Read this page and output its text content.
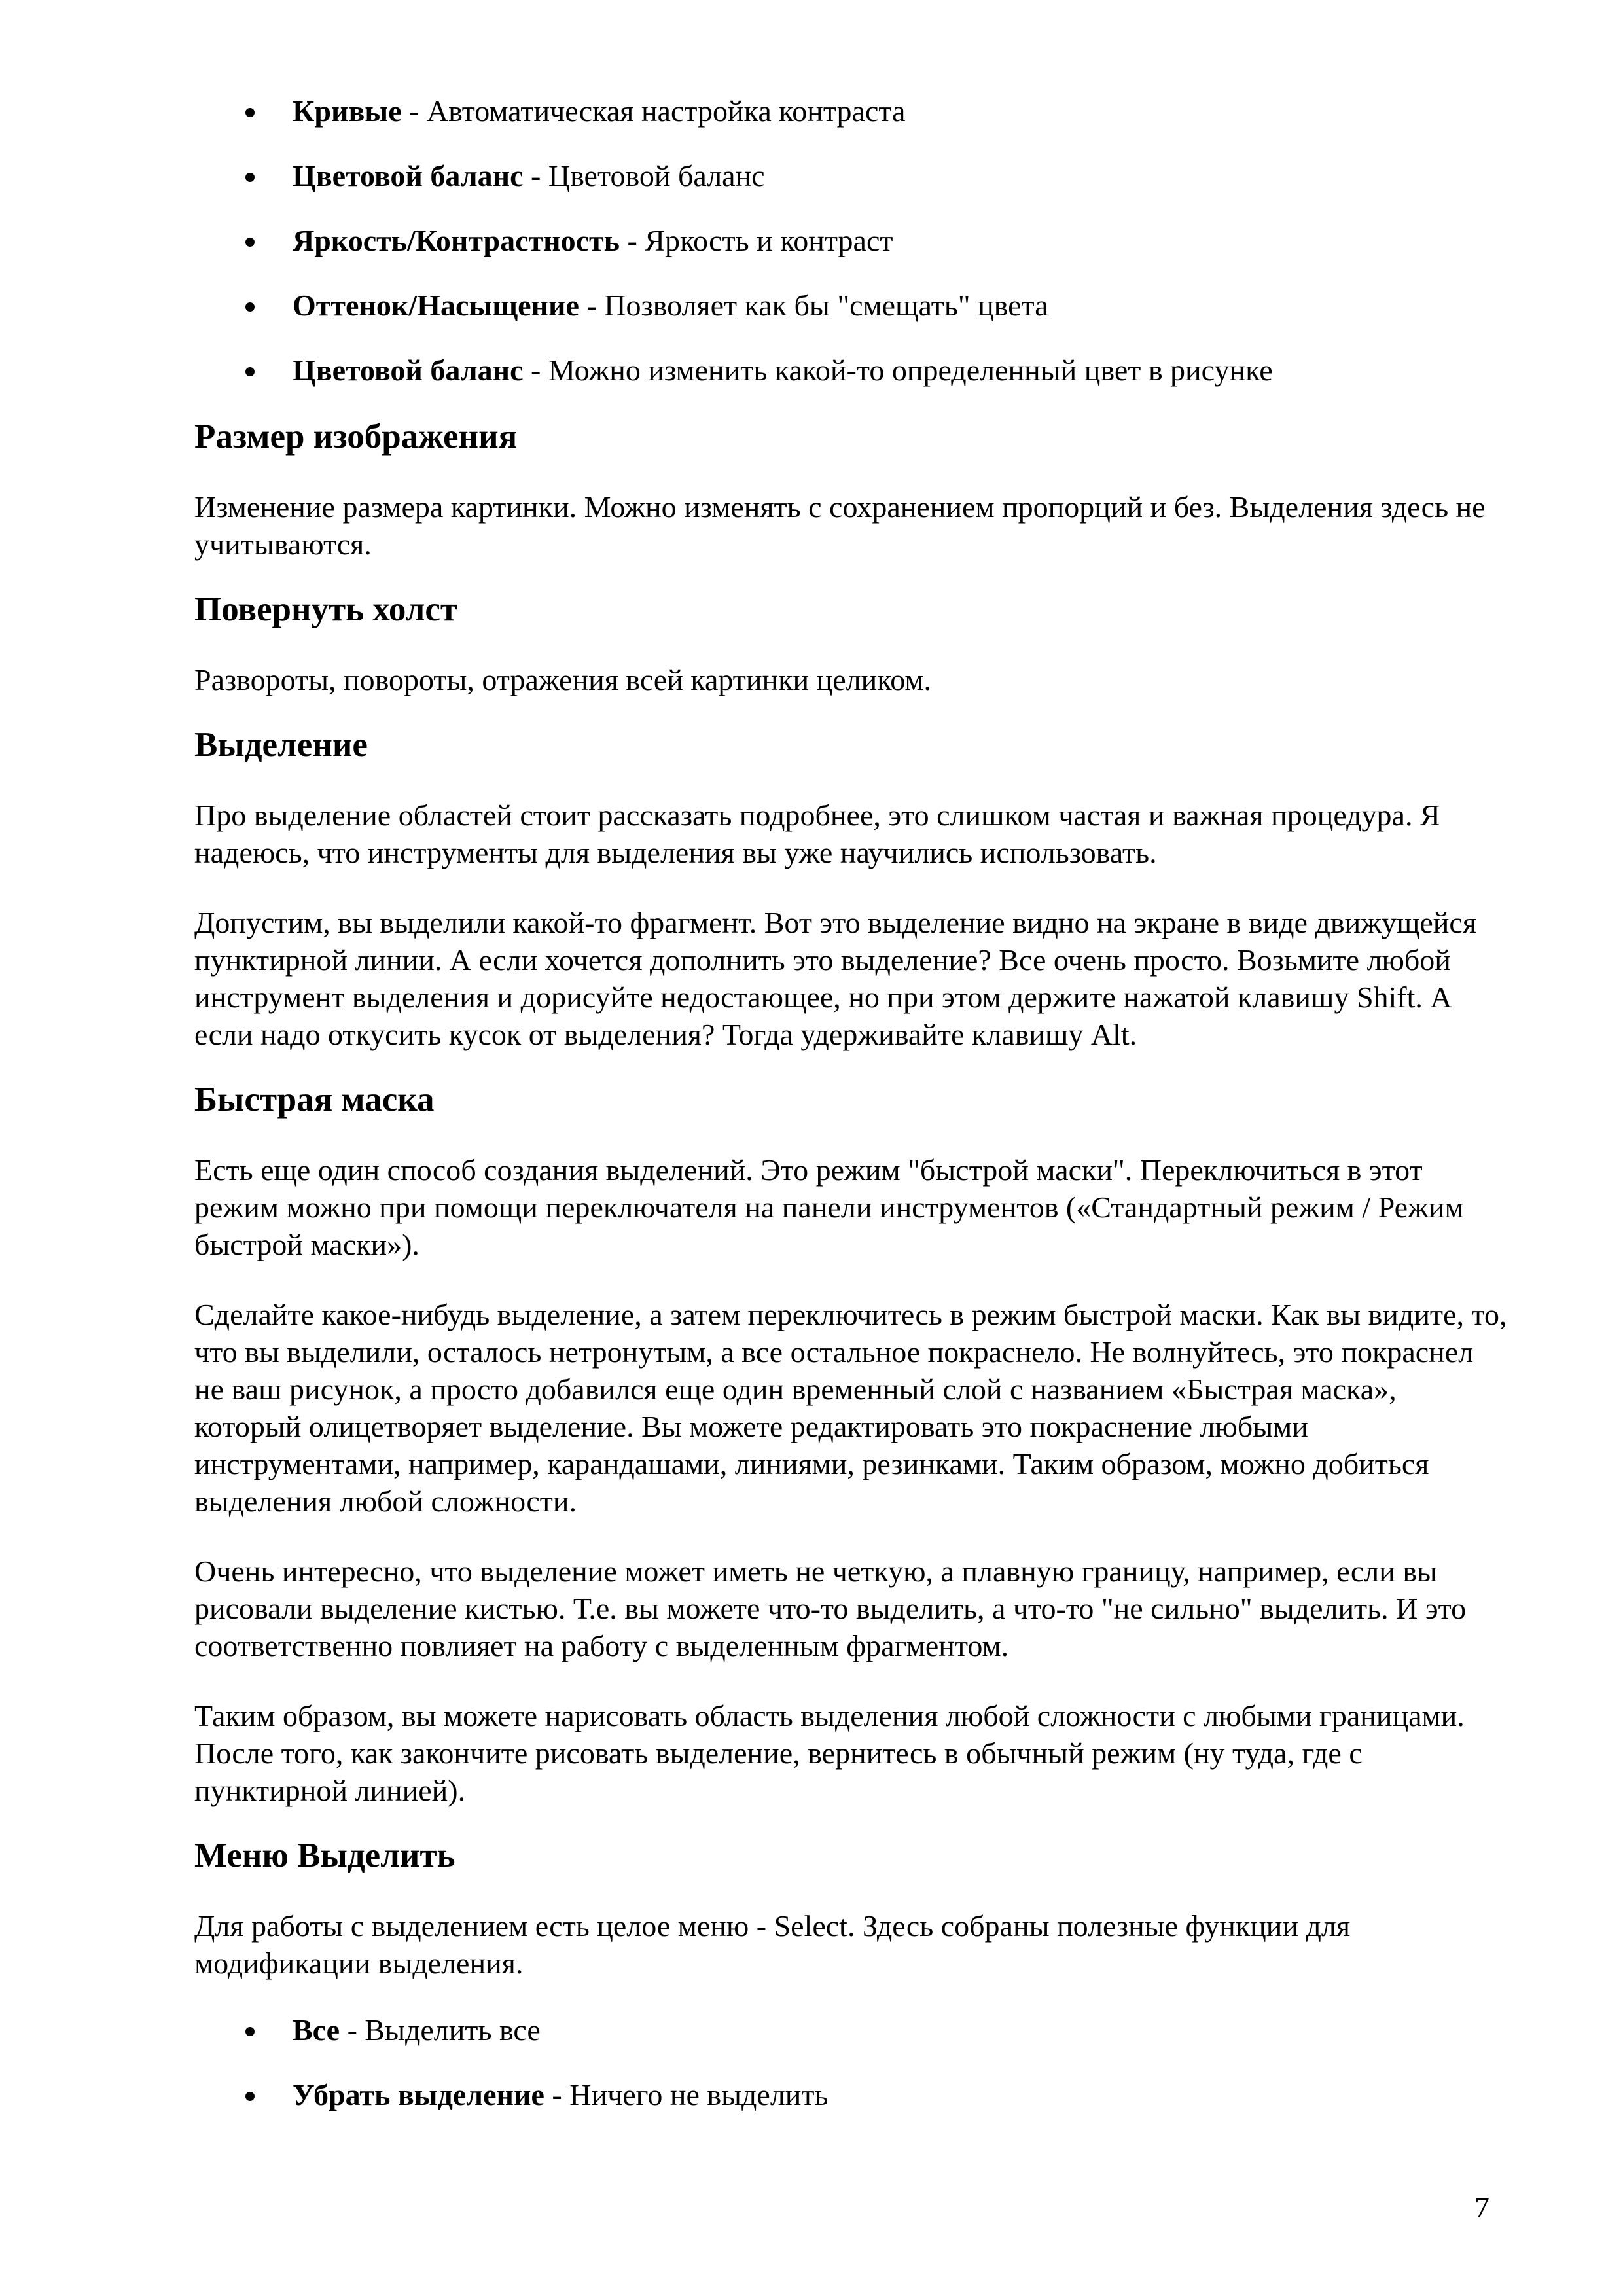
Кривые - Автоматическая настройка контраста
Цветовой баланс - Цветовой баланс
Яркость/Контрастность - Яркость и контраст
Оттенок/Насыщение - Позволяет как бы "смещать" цвета
Цветовой баланс - Можно изменить какой-то определенный цвет в рисунке
Размер изображения

Изменение размера картинки. Можно изменять с сохранением пропорций и без. Выделения здесь не учитываются.

Повернуть холст

Развороты, повороты, отражения всей картинки целиком.

Выделение

Про выделение областей стоит рассказать подробнее, это слишком частая и важная процедура. Я надеюсь, что инструменты для выделения вы уже научились использовать.

Допустим, вы выделили какой-то фрагмент. Вот это выделение видно на экране в виде движущейся пунктирной линии. А если хочется дополнить это выделение? Все очень просто. Возьмите любой инструмент выделения и дорисуйте недостающее, но при этом держите нажатой клавишу Shift. А если надо откусить кусок от выделения? Тогда удерживайте клавишу Alt.

Быстрая маска

Есть еще один способ создания выделений. Это режим "быстрой маски". Переключиться в этот режим можно при помощи переключателя на панели инструментов («Стандартный режим / Режим быстрой маски»).

Сделайте какое-нибудь выделение, а затем переключитесь в режим быстрой маски. Как вы видите, то, что вы выделили, осталось нетронутым, а все остальное покраснело. Не волнуйтесь, это покраснел не ваш рисунок, а просто добавился еще один временный слой с названием «Быстрая маска», который олицетворяет выделение. Вы можете редактировать это покраснение любыми инструментами, например, карандашами, линиями, резинками. Таким образом, можно добиться выделения любой сложности.

Очень интересно, что выделение может иметь не четкую, а плавную границу, например, если вы рисовали выделение кистью. Т.е. вы можете что-то выделить, а что-то "не сильно" выделить. И это соответственно повлияет на работу с выделенным фрагментом.

Таким образом, вы можете нарисовать область выделения любой сложности с любыми границами. После того, как закончите рисовать выделение, вернитесь в обычный режим (ну туда, где с пунктирной линией).

Меню Выделить

Для работы с выделением есть целое меню - Select. Здесь собраны полезные функции для модификации выделения.

Все - Выделить все
Убрать выделение - Ничего не выделить
7
